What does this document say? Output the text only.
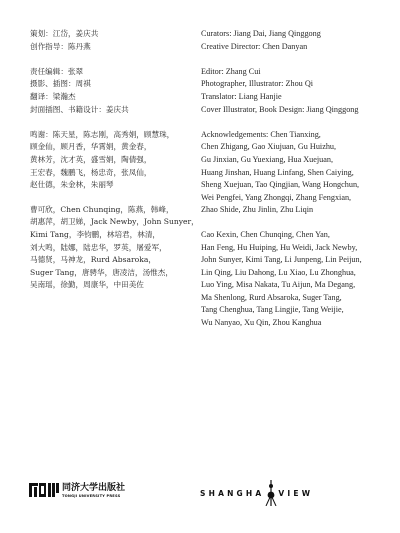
策划：江岱，姜庆共
创作指导：陈丹燕
责任编辑：张翠
摄影、插图：周祺
翻译：梁瀚杰
封面插图、书籍设计：姜庆共
鸣谢：陈天星，陈志刚，高秀娟，顾慧珠，
顾金仙，顾月香，华霄娟，黄金春，
黄林芳，沈才英，盛雪娟，陶倩强，
王宏春，魏鹏飞，杨忠奇，张凤仙，
赵仕德，朱金林，朱丽琴
曹可欣，Chen Chunqing，陈燕，韩峰，
胡惠萍，胡卫娣，Jack Newby，John Sunyer，
Kimi Tang，李钧鹏，林培君，林清，
刘大鸣，陆娜，陆忠华，罗英，屠爱军，
马德贤，马神龙，Rurd Absaroka，
Suger Tang，唐骋华，唐凌洁，汤惟杰，
吴南瑶，徐勤，周康华，中田美佐
Curators: Jiang Dai, Jiang Qinggong
Creative Director: Chen Danyan
Editor: Zhang Cui
Photographer, Illustrator: Zhou Qi
Translator: Liang Hanjie
Cover Illustrator, Book Design: Jiang Qinggong
Acknowledgements: Chen Tianxing,
Chen Zhigang, Gao Xiujuan, Gu Huizhu,
Gu Jinxian, Gu Yuexiang, Hua Xuejuan,
Huang Jinshan, Huang Linfang, Shen Caiying,
Sheng Xuejuan, Tao Qingjian, Wang Hongchun,
Wei Pengfei, Yang Zhongqi, Zhang Fengxian,
Zhao Shide, Zhu Jinlin, Zhu Liqin
Cao Kexin, Chen Chunqing, Chen Yan,
Han Feng, Hu Huiping, Hu Weidi, Jack Newby,
John Sunyer, Kimi Tang, Li Junpeng, Lin Peijun,
Lin Qing, Liu Dahong, Lu Xiao, Lu Zhonghua,
Luo Ying, Misa Nakata, Tu Aijun, Ma Degang,
Ma Shenlong, Rurd Absaroka, Suger Tang,
Tang Chenghua, Tang Lingjie, Tang Weijie,
Wu Nanyao, Xu Qin, Zhou Kanghua
同济大学出版社
TONGJI UNIVERSITY PRESS	SHANGHA VIEW
